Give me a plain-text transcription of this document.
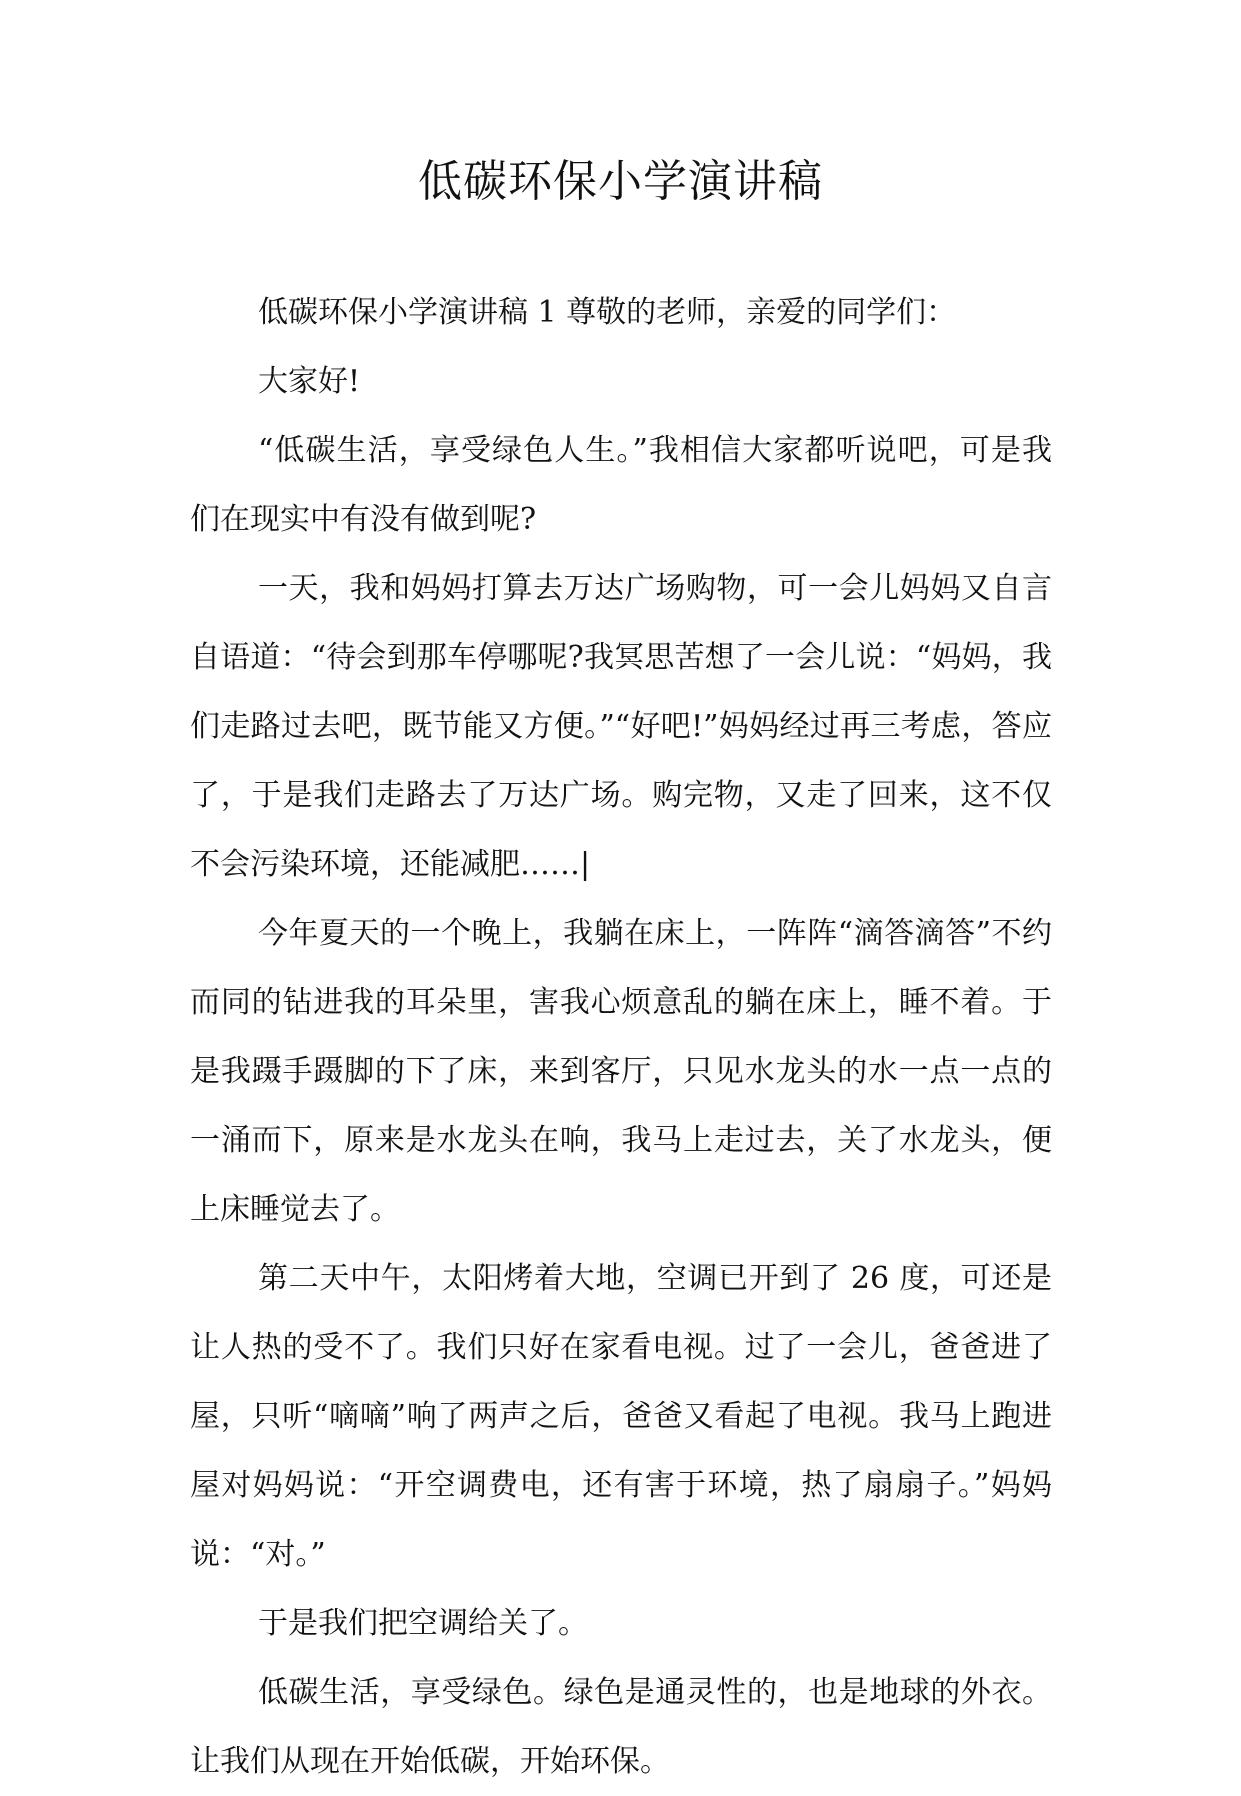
低碳环保小学演讲稿

低碳环保小学演讲稿 1 尊敬的老师，亲爱的同学们：

大家好!

“低碳生活，享受绿色人生。”我相信大家都听说吧，可是我们在现实中有没有做到呢?

一天，我和妈妈打算去万达广场购物，可一会儿妈妈又自言自语道：“待会到那车停哪呢?我冥思苦想了一会儿说：“妈妈，我们走路过去吧，既节能又方便。”“好吧!”妈妈经过再三考虑，答应了，于是我们走路去了万达广场。购完物，又走了回来，这不仅不会污染环境，还能减肥……|

今年夏天的一个晚上，我躺在床上，一阵阵“滴答滴答”不约而同的钻进我的耳朵里，害我心烦意乱的躺在床上，睡不着。于是我蹑手蹑脚的下了床，来到客厅，只见水龙头的水一点一点的一涌而下，原来是水龙头在响，我马上走过去，关了水龙头，便上床睡觉去了。

第二天中午，太阳烤着大地，空调已开到了 26 度，可还是让人热的受不了。我们只好在家看电视。过了一会儿，爸爸进了屋，只听“嘀嘀”响了两声之后，爸爸又看起了电视。我马上跑进屋对妈妈说：“开空调费电，还有害于环境，热了扇扇子。”妈妈说：“对。”

于是我们把空调给关了。

低碳生活，享受绿色。绿色是通灵性的，也是地球的外衣。让我们从现在开始低碳，开始环保。
